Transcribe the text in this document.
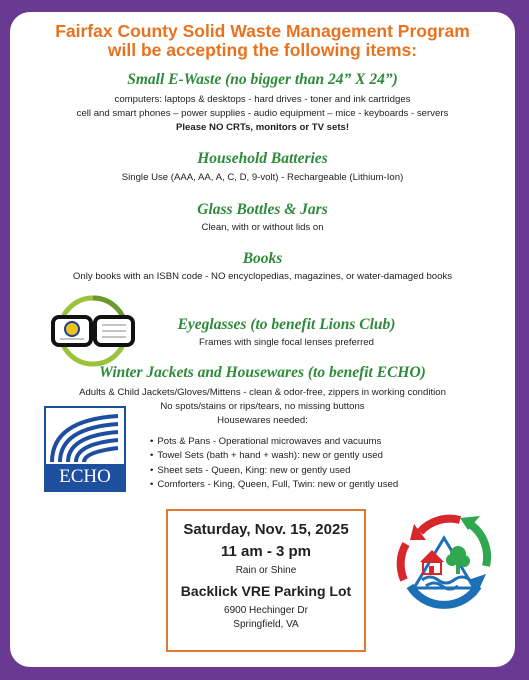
Fairfax County Solid Waste Management Program
will be accepting the following items:
Small E-Waste (no bigger than 24” X 24”)
computers: laptops & desktops - hard drives - toner and ink cartridges
cell and smart phones – power supplies - audio equipment – mice - keyboards - servers
Please NO CRTs, monitors or TV sets!
Household Batteries
Single Use (AAA, AA, A, C, D, 9-volt) - Rechargeable (Lithium-Ion)
Glass Bottles & Jars
Clean, with or without lids on
Books
Only books with an ISBN code - NO encyclopedias, magazines, or water-damaged books
Eyeglasses (to benefit Lions Club)
Frames with single focal lenses preferred
Winter Jackets and Housewares (to benefit ECHO)
Adults & Child Jackets/Gloves/Mittens - clean & odor-free, zippers in working condition
No spots/stains or rips/tears, no missing buttons
Housewares needed:
• Pots & Pans - Operational microwaves and vacuums
• Towel Sets (bath + hand + wash): new or gently used
• Sheet sets - Queen, King: new or gently used
• Comforters - King, Queen, Full, Twin: new or gently used
ECHO
Saturday, Nov. 15, 2025
11 am - 3 pm
Rain or Shine
Backlick VRE Parking Lot
6900 Hechinger Dr
Springfield, VA
